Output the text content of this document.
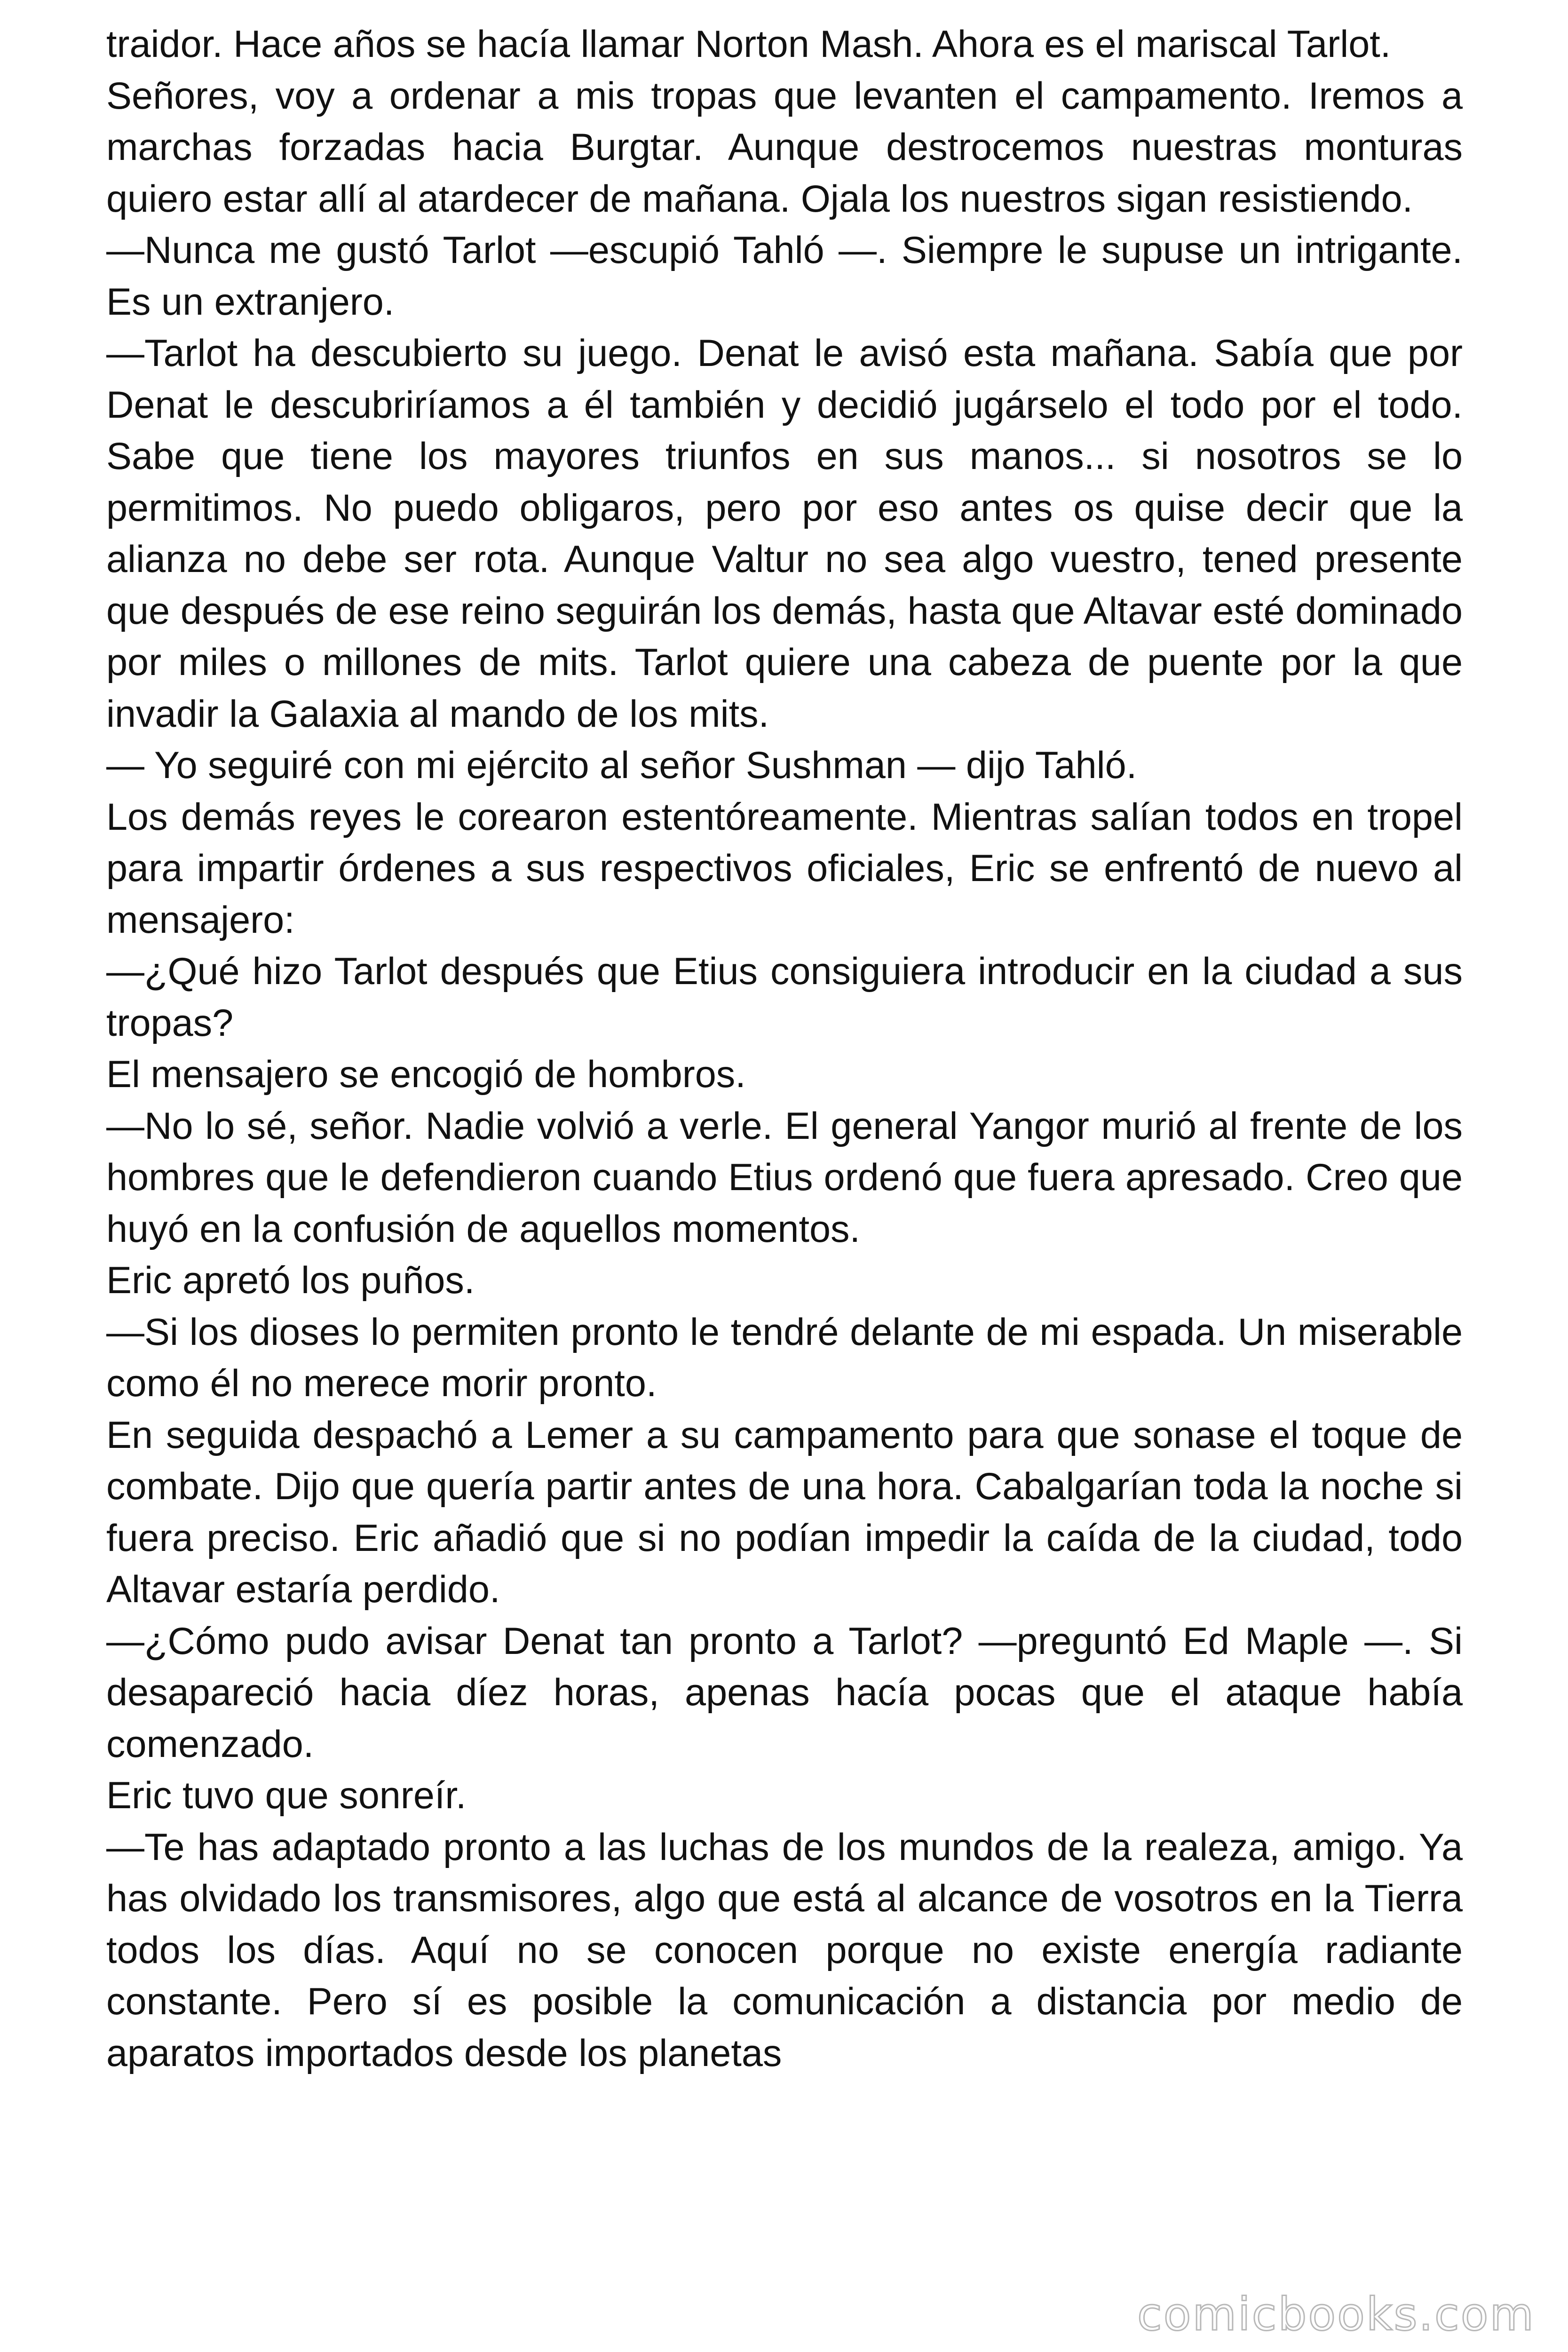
traidor. Hace años se hacía llamar Norton Mash. Ahora es el mariscal Tarlot.

Señores, voy a ordenar a mis tropas que levanten el campamento. Iremos a marchas forzadas hacia Burgtar. Aunque destrocemos nuestras monturas quiero estar allí al atardecer de mañana. Ojala los nuestros sigan resistiendo.

—Nunca me gustó Tarlot —escupió Tahló —. Siempre le supuse un intrigante. Es un extranjero.

—Tarlot ha descubierto su juego. Denat le avisó esta mañana. Sabía que por Denat le descubriríamos a él también y decidió jugárselo el todo por el todo. Sabe que tiene los mayores triunfos en sus manos... si nosotros se lo permitimos. No puedo obligaros, pero por eso antes os quise decir que la alianza no debe ser rota. Aunque Valtur no sea algo vuestro, tened presente que después de ese reino seguirán los demás, hasta que Altavar esté dominado por miles o millones de mits. Tarlot quiere una cabeza de puente por la que invadir la Galaxia al mando de los mits.

— Yo seguiré con mi ejército al señor Sushman — dijo Tahló.

Los demás reyes le corearon estentóreamente. Mientras salían todos en tropel para impartir órdenes a sus respectivos oficiales, Eric se enfrentó de nuevo al mensajero:

—¿Qué hizo Tarlot después que Etius consiguiera introducir en la ciudad a sus tropas?

El mensajero se encogió de hombros.

—No lo sé, señor. Nadie volvió a verle. El general Yangor murió al frente de los hombres que le defendieron cuando Etius ordenó que fuera apresado. Creo que huyó en la confusión de aquellos momentos.

Eric apretó los puños.

—Si los dioses lo permiten pronto le tendré delante de mi espada. Un miserable como él no merece morir pronto.

En seguida despachó a Lemer a su campamento para que sonase el toque de combate. Dijo que quería partir antes de una hora. Cabalgarían toda la noche si fuera preciso. Eric añadió que si no podían impedir la caída de la ciudad, todo Altavar estaría perdido.

—¿Cómo pudo avisar Denat tan pronto a Tarlot? —preguntó Ed Maple —. Si desapareció hacia díez horas, apenas hacía pocas que el ataque había comenzado.

Eric tuvo que sonreír.

—Te has adaptado pronto a las luchas de los mundos de la realeza, amigo. Ya has olvidado los transmisores, algo que está al alcance de vosotros en la Tierra todos los días. Aquí no se conocen porque no existe energía radiante constante. Pero sí es posible la comunicación a distancia por medio de aparatos importados desde los planetas

comicbooks.com
